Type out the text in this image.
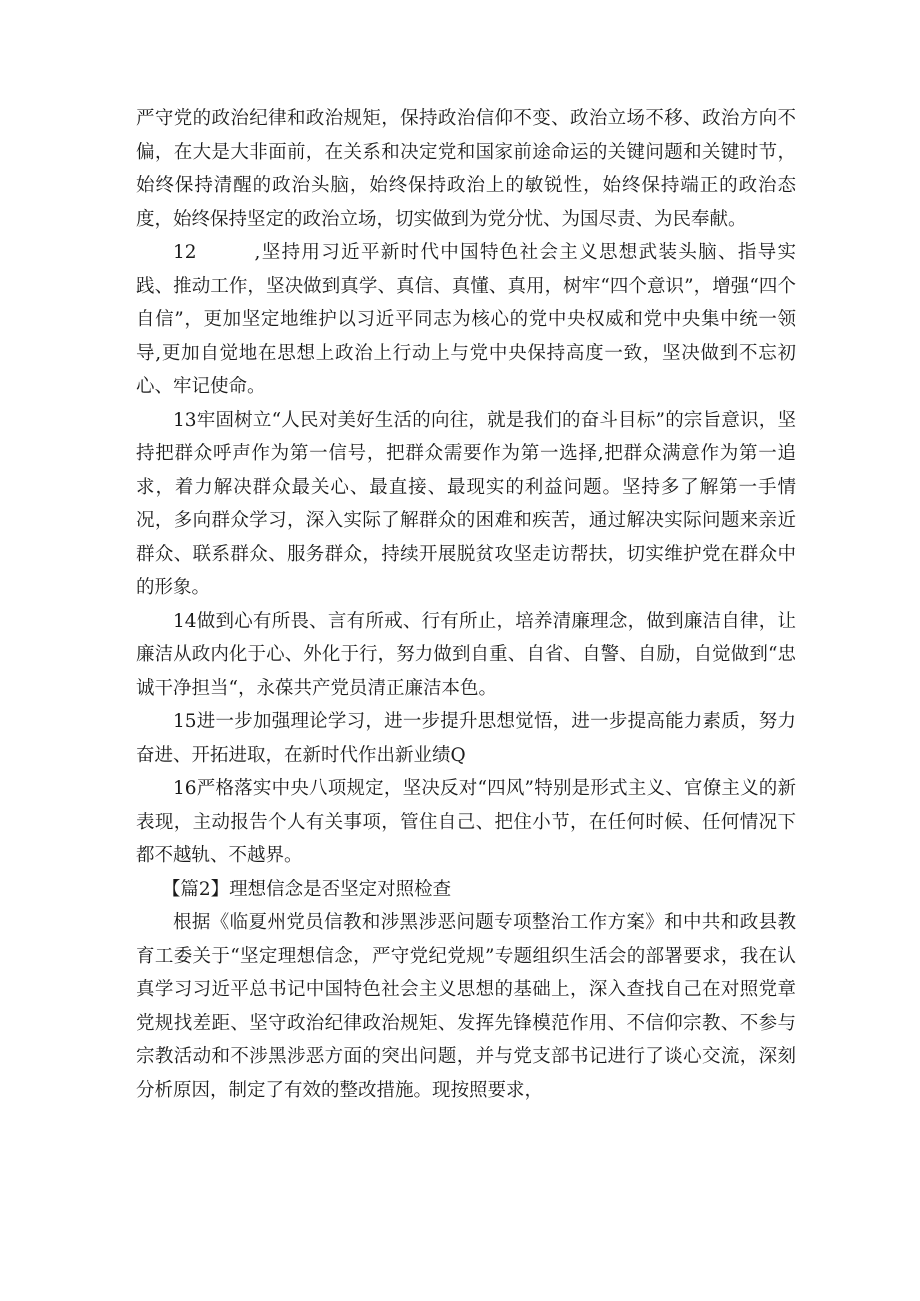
严守党的政治纪律和政治规矩，保持政治信仰不变、政治立场不移、政治方向不偏，在大是大非面前，在关系和决定党和国家前途命运的关键问题和关键时节，始终保持清醒的政治头脑，始终保持政治上的敏锐性，始终保持端正的政治态度，始终保持坚定的政治立场，切实做到为党分忧、为国尽责、为民奉献。

12	,坚持用习近平新时代中国特色社会主义思想武装头脑、指导实践、推动工作，坚决做到真学、真信、真懂、真用，树牢“四个意识”，增强“四个自信”，更加坚定地维护以习近平同志为核心的党中央权威和党中央集中统一领导,更加自觉地在思想上政治上行动上与党中央保持高度一致，坚决做到不忘初心、牢记使命。

13牢固树立“人民对美好生活的向往，就是我们的奋斗目标”的宗旨意识，坚持把群众呼声作为第一信号，把群众需要作为第一选择,把群众满意作为第一追求，着力解决群众最关心、最直接、最现实的利益问题。坚持多了解第一手情况，多向群众学习，深入实际了解群众的困难和疾苦，通过解决实际问题来亲近群众、联系群众、服务群众，持续开展脱贫攻坚走访帮扶，切实维护党在群众中的形象。

14做到心有所畏、言有所戒、行有所止，培养清廉理念，做到廉洁自律，让廉洁从政内化于心、外化于行，努力做到自重、自省、自警、自励，自觉做到“忠诚干净担当“，永葆共产党员清正廉洁本色。

15进一步加强理论学习，进一步提升思想觉悟，进一步提高能力素质，努力奋进、开拓进取，在新时代作出新业绩Q

16严格落实中央八项规定，坚决反对“四风”特别是形式主义、官僚主义的新表现，主动报告个人有关事项，管住自己、把住小节，在任何时候、任何情况下都不越轨、不越界。

【篇2】理想信念是否坚定对照检查

根据《临夏州党员信教和涉黑涉恶问题专项整治工作方案》和中共和政县教育工委关于“坚定理想信念，严守党纪党规”专题组织生活会的部署要求，我在认真学习习近平总书记中国特色社会主义思想的基础上，深入查找自己在对照党章党规找差距、坚守政治纪律政治规矩、发挥先锋模范作用、不信仰宗教、不参与宗教活动和不涉黑涉恶方面的突出问题，并与党支部书记进行了谈心交流，深刻分析原因，制定了有效的整改措施。现按照要求，
